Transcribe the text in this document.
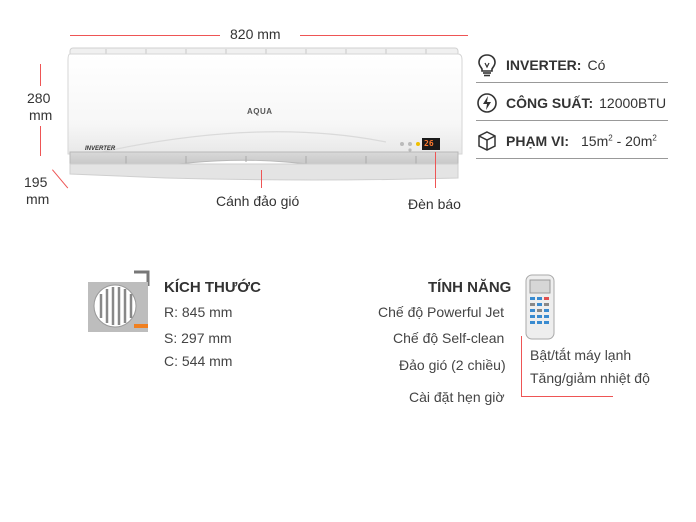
820 mm
280
mm
195
mm
AQUA
INVERTER
26
Cánh đảo gió	Đèn báo
INVERTER: Có
CÔNG SUẤT: 12000BTU
PHẠM VI: $15m^2 - 20m^2$
KÍCH THƯỚC
R: 845 mm
S: 297 mm
C: 544 mm
TÍNH NĂNG
Chế độ Powerful Jet
Chế độ Self-clean
Đảo gió (2 chiều)
Cài đặt hẹn giờ
Bật/tắt máy lạnh
Tăng/giảm nhiệt độ
